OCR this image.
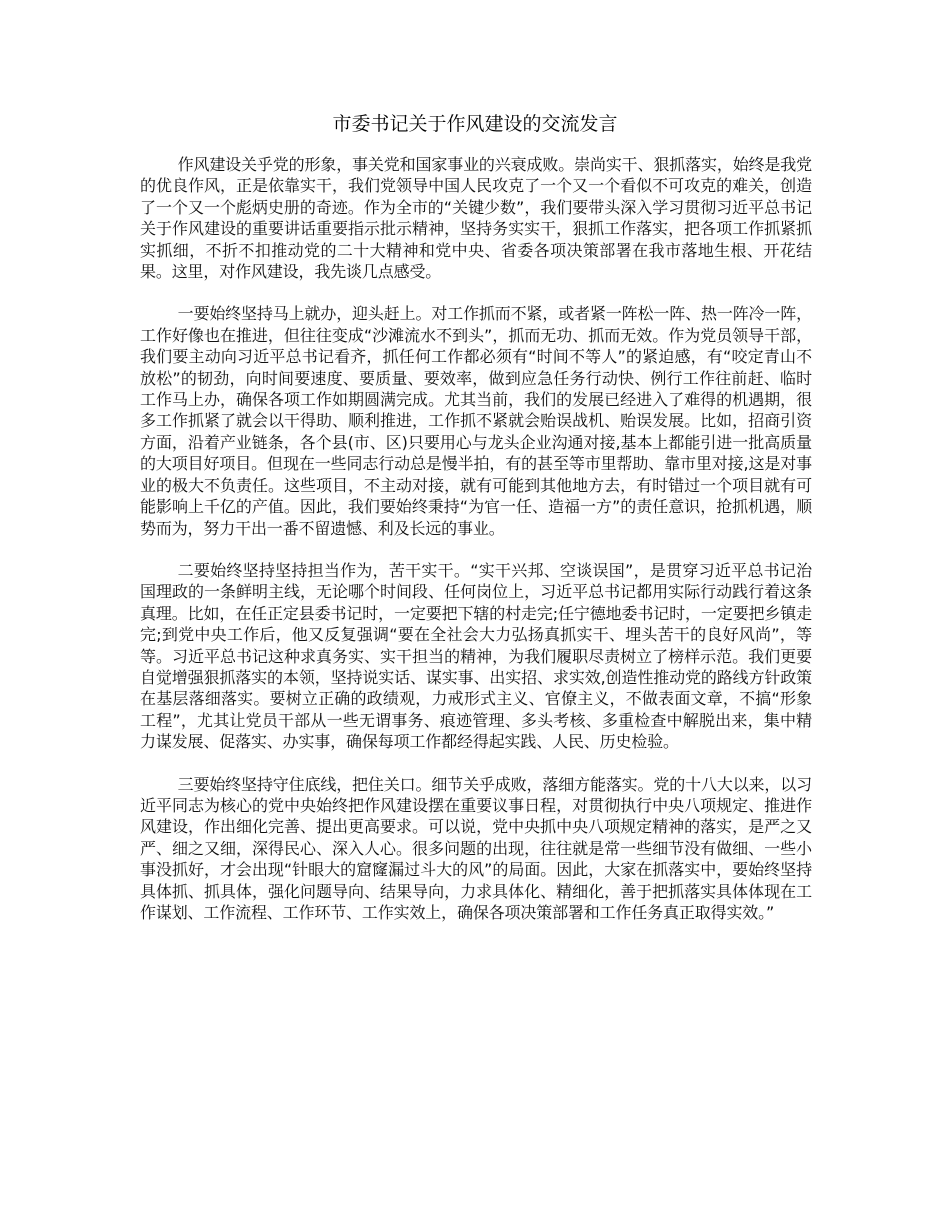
市委书记关于作风建设的交流发言

作风建设关乎党的形象，事关党和国家事业的兴衰成败。崇尚实干、狠抓落实，始终是我党的优良作风，正是依靠实干，我们党领导中国人民攻克了一个又一个看似不可攻克的难关，创造了一个又一个彪炳史册的奇迹。作为全市的“关键少数”，我们要带头深入学习贯彻习近平总书记关于作风建设的重要讲话重要指示批示精神，坚持务实实干，狠抓工作落实，把各项工作抓紧抓实抓细，不折不扣推动党的二十大精神和党中央、省委各项决策部署在我市落地生根、开花结果。这里，对作风建设，我先谈几点感受。

一要始终坚持马上就办，迎头赶上。对工作抓而不紧，或者紧一阵松一阵、热一阵冷一阵，工作好像也在推进，但往往变成“沙滩流水不到头”，抓而无功、抓而无效。作为党员领导干部，我们要主动向习近平总书记看齐，抓任何工作都必须有“时间不等人”的紧迫感，有“咬定青山不放松”的韧劲，向时间要速度、要质量、要效率，做到应急任务行动快、例行工作往前赶、临时工作马上办，确保各项工作如期圆满完成。尤其当前，我们的发展已经进入了难得的机遇期，很多工作抓紧了就会以干得助、顺利推进，工作抓不紧就会贻误战机、贻误发展。比如，招商引资方面，沿着产业链条，各个县(市、区)只要用心与龙头企业沟通对接,基本上都能引进一批高质量的大项目好项目。但现在一些同志行动总是慢半拍，有的甚至等市里帮助、靠市里对接,这是对事业的极大不负责任。这些项目，不主动对接，就有可能到其他地方去，有时错过一个项目就有可能影响上千亿的产值。因此，我们要始终秉持“为官一任、造福一方”的责任意识，抢抓机遇，顺势而为，努力干出一番不留遗憾、利及长远的事业。

二要始终坚持坚持担当作为，苦干实干。“实干兴邦、空谈误国”，是贯穿习近平总书记治国理政的一条鲜明主线，无论哪个时间段、任何岗位上，习近平总书记都用实际行动践行着这条真理。比如，在任正定县委书记时，一定要把下辖的村走完;任宁德地委书记时，一定要把乡镇走完;到党中央工作后，他又反复强调“要在全社会大力弘扬真抓实干、埋头苦干的良好风尚”，等等。习近平总书记这种求真务实、实干担当的精神，为我们履职尽责树立了榜样示范。我们更要自觉增强狠抓落实的本领，坚持说实话、谋实事、出实招、求实效,创造性推动党的路线方针政策在基层落细落实。要树立正确的政绩观，力戒形式主义、官僚主义，不做表面文章，不搞“形象工程”，尤其让党员干部从一些无谓事务、痕迹管理、多头考核、多重检查中解脱出来，集中精力谋发展、促落实、办实事，确保每项工作都经得起实践、人民、历史检验。

三要始终坚持守住底线，把住关口。细节关乎成败，落细方能落实。党的十八大以来，以习近平同志为核心的党中央始终把作风建设摆在重要议事日程，对贯彻执行中央八项规定、推进作风建设，作出细化完善、提出更高要求。可以说，党中央抓中央八项规定精神的落实，是严之又严、细之又细，深得民心、深入人心。很多问题的出现，往往就是常一些细节没有做细、一些小事没抓好，才会出现“针眼大的窟窿漏过斗大的风”的局面。因此，大家在抓落实中，要始终坚持具体抓、抓具体，强化问题导向、结果导向，力求具体化、精细化，善于把抓落实具体体现在工作谋划、工作流程、工作环节、工作实效上，确保各项决策部署和工作任务真正取得实效。”
